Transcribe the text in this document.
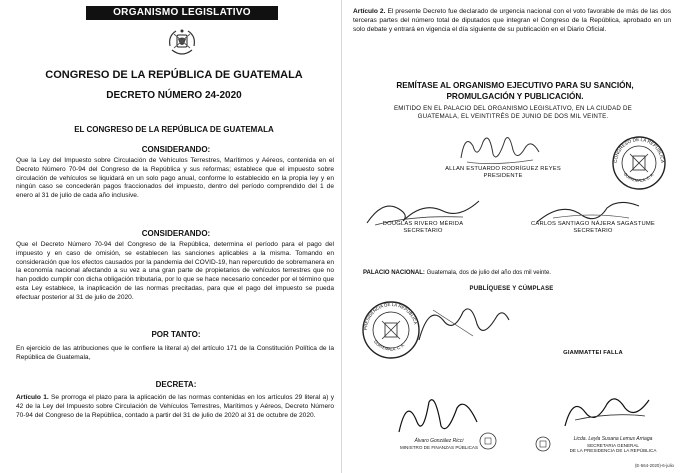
ORGANISMO LEGISLATIVO
CONGRESO DE LA REPÚBLICA DE GUATEMALA
DECRETO NÚMERO 24-2020
EL CONGRESO DE LA REPÚBLICA DE GUATEMALA
CONSIDERANDO:
Que la Ley del Impuesto sobre Circulación de Vehículos Terrestres, Marítimos y Aéreos, contenida en el Decreto Número 70-94 del Congreso de la República y sus reformas; establece que el impuesto sobre circulación de vehículos se liquidará en un solo pago anual, conforme lo establecido en la propia ley y en ningún caso se concederán pagos fraccionados del impuesto, dentro del período comprendido del 1 de enero al 31 de julio de cada año inclusive.
CONSIDERANDO:
Que el Decreto Número 70-94 del Congreso de la República, determina el período para el pago del impuesto y en caso de omisión, se establecen las sanciones aplicables a la misma. Tomando en consideración que los efectos causados por la pandemia del COVID-19, han repercutido de sobremanera en la economía nacional afectando a su vez a una gran parte de propietarios de vehículos terrestres que no han podido cumplir con dicha obligación tributaria, por lo que se hace necesario conceder por el término que esta Ley establece, la inaplicación de las normas precitadas, para que el pago del impuesto se pueda efectuar posterior al 31 de julio de 2020.
POR TANTO:
En ejercicio de las atribuciones que le confiere la literal a) del artículo 171 de la Constitución Política de la República de Guatemala,
DECRETA:
Artículo 1. Se prorroga el plazo para la aplicación de las normas contenidas en los artículos 29 literal a) y 42 de la Ley del Impuesto sobre Circulación de Vehículos Terrestres, Marítimos y Aéreos, Decreto Número 70-94 del Congreso de la República, contado a partir del 31 de julio de 2020 al 31 de octubre de 2020.
Artículo 2. El presente Decreto fue declarado de urgencia nacional con el voto favorable de más de las dos terceras partes del número total de diputados que integran el Congreso de la República, aprobado en un solo debate y entrará en vigencia el día siguiente de su publicación en el Diario Oficial.
REMÍTASE AL ORGANISMO EJECUTIVO PARA SU SANCIÓN, PROMULGACIÓN Y PUBLICACIÓN.
EMITIDO EN EL PALACIO DEL ORGANISMO LEGISLATIVO, EN LA CIUDAD DE GUATEMALA, EL VEINTITRÉS DE JUNIO DE DOS MIL VEINTE.
ALLAN ESTUARDO RODRÍGUEZ REYES
PRESIDENTE
CONGRESO DE LA REPÚBLICA
GUATEMALA, C. A.
DOUGLAS RIVERO MÉRIDA
SECRETARIO
CARLOS SANTIAGO NÁJERA SAGASTUME
SECRETARIO
PALACIO NACIONAL: Guatemala, dos de julio del año dos mil veinte.
PUBLÍQUESE Y CÚMPLASE
PRESIDENCIA DE LA REPÚBLICA
GUATEMALA, C. A.
GIAMMATTEI FALLA
Álvaro González Ricci
MINISTRO DE FINANZAS PÚBLICAS
Licda. Leyla Susana Lemus Arriaga
SECRETARIA GENERAL
DE LA PRESIDENCIA DE LA REPÚBLICA
(E-564-2020)-6-julio
